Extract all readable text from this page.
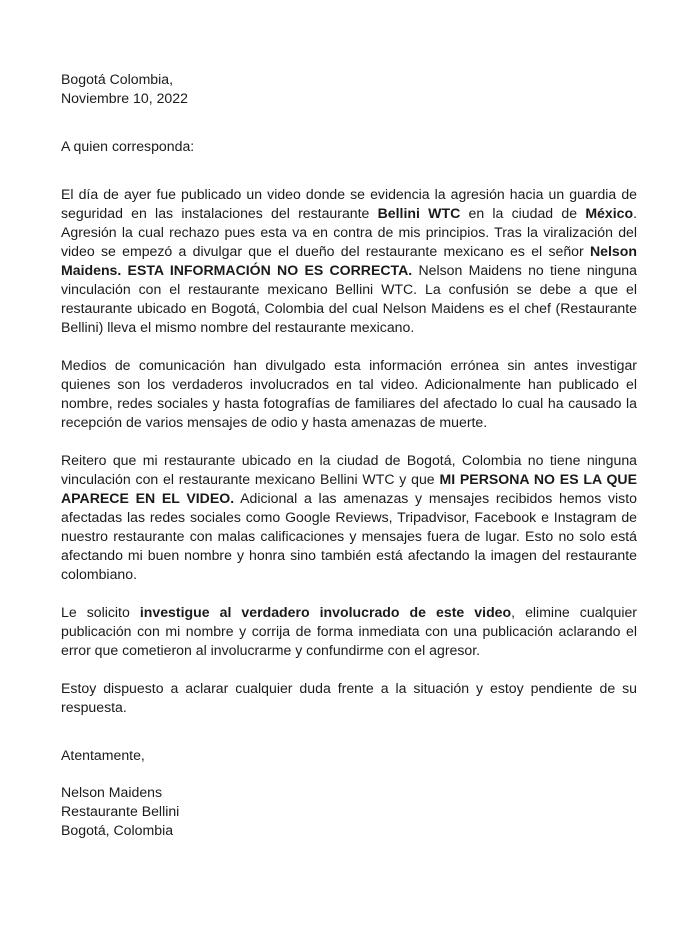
Bogotá Colombia,
Noviembre 10, 2022
A quien corresponda:

El día de ayer fue publicado un video donde se evidencia la agresión hacia un guardia de seguridad en las instalaciones del restaurante Bellini WTC en la ciudad de México. Agresión la cual rechazo pues esta va en contra de mis principios. Tras la viralización del video se empezó a divulgar que el dueño del restaurante mexicano es el señor Nelson Maidens. ESTA INFORMACIÓN NO ES CORRECTA. Nelson Maidens no tiene ninguna vinculación con el restaurante mexicano Bellini WTC. La confusión se debe a que el restaurante ubicado en Bogotá, Colombia del cual Nelson Maidens es el chef (Restaurante Bellini) lleva el mismo nombre del restaurante mexicano.

Medios de comunicación han divulgado esta información errónea sin antes investigar quienes son los verdaderos involucrados en tal video. Adicionalmente han publicado el nombre, redes sociales y hasta fotografías de familiares del afectado lo cual ha causado la recepción de varios mensajes de odio y hasta amenazas de muerte.

Reitero que mi restaurante ubicado en la ciudad de Bogotá, Colombia no tiene ninguna vinculación con el restaurante mexicano Bellini WTC y que MI PERSONA NO ES LA QUE APARECE EN EL VIDEO. Adicional a las amenazas y mensajes recibidos hemos visto afectadas las redes sociales como Google Reviews, Tripadvisor, Facebook e Instagram de nuestro restaurante con malas calificaciones y mensajes fuera de lugar. Esto no solo está afectando mi buen nombre y honra sino también está afectando la imagen del restaurante colombiano.

Le solicito investigue al verdadero involucrado de este video, elimine cualquier publicación con mi nombre y corrija de forma inmediata con una publicación aclarando el error que cometieron al involucrarme y confundirme con el agresor.

Estoy dispuesto a aclarar cualquier duda frente a la situación y estoy pendiente de su respuesta.

Atentamente,
Nelson Maidens
Restaurante Bellini
Bogotá, Colombia
